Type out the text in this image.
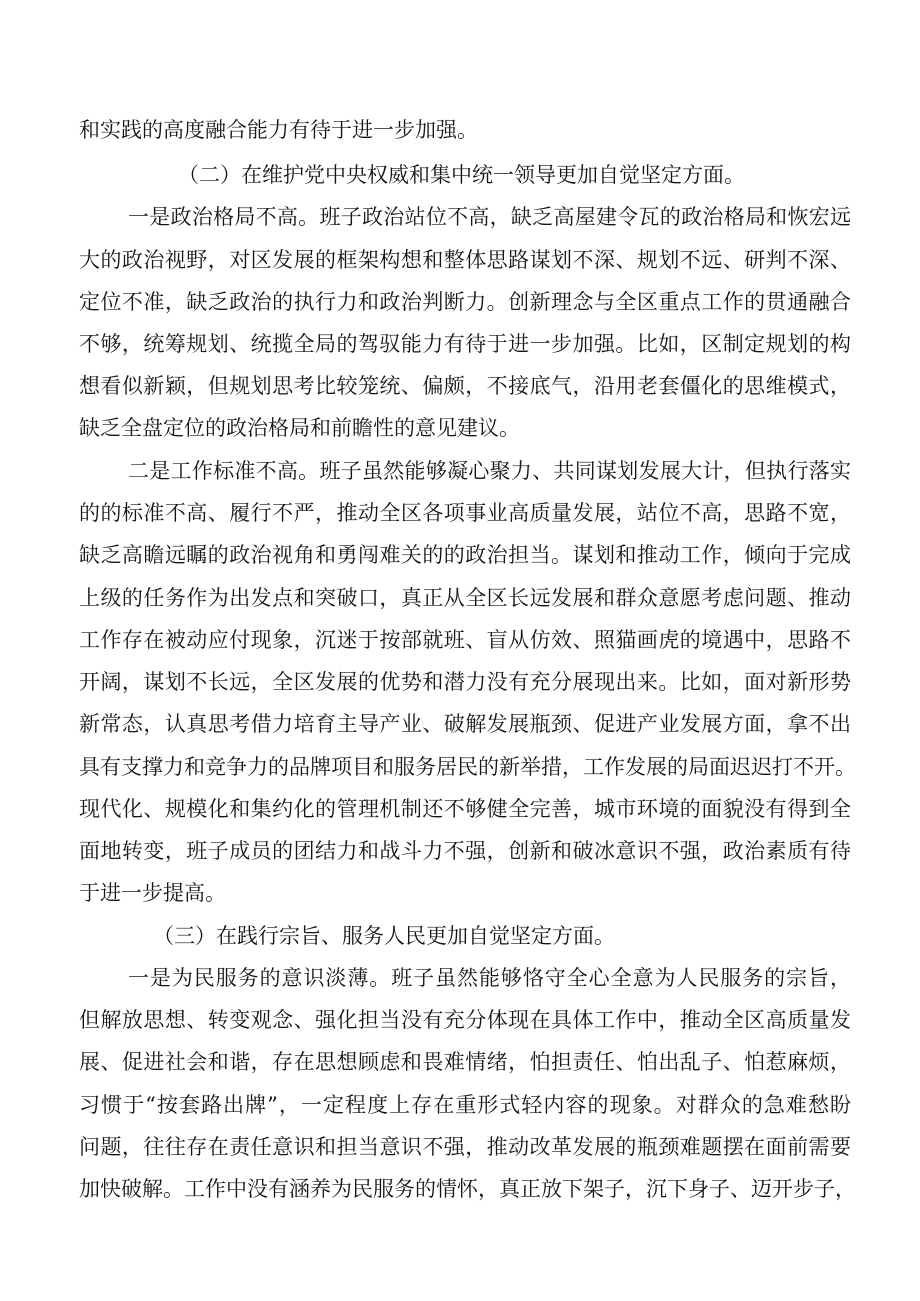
和实践的高度融合能力有待于进一步加强。
（二）在维护党中央权威和集中统一领导更加自觉坚定方面。
一是政治格局不高。班子政治站位不高，缺乏高屋建令瓦的政治格局和恢宏远
大的政治视野，对区发展的框架构想和整体思路谋划不深、规划不远、研判不深、
定位不准，缺乏政治的执行力和政治判断力。创新理念与全区重点工作的贯通融合
不够，统筹规划、统揽全局的驾驭能力有待于进一步加强。比如，区制定规划的构
想看似新颖，但规划思考比较笼统、偏颇，不接底气，沿用老套僵化的思维模式，
缺乏全盘定位的政治格局和前瞻性的意见建议。
二是工作标准不高。班子虽然能够凝心聚力、共同谋划发展大计，但执行落实
的的标准不高、履行不严，推动全区各项事业高质量发展，站位不高，思路不宽，
缺乏高瞻远瞩的政治视角和勇闯难关的的政治担当。谋划和推动工作，倾向于完成
上级的任务作为出发点和突破口，真正从全区长远发展和群众意愿考虑问题、推动
工作存在被动应付现象，沉迷于按部就班、盲从仿效、照猫画虎的境遇中，思路不
开阔，谋划不长远，全区发展的优势和潜力没有充分展现出来。比如，面对新形势
新常态，认真思考借力培育主导产业、破解发展瓶颈、促进产业发展方面，拿不出
具有支撑力和竞争力的品牌项目和服务居民的新举措，工作发展的局面迟迟打不开。
现代化、规模化和集约化的管理机制还不够健全完善，城市环境的面貌没有得到全
面地转变，班子成员的团结力和战斗力不强，创新和破冰意识不强，政治素质有待
于进一步提高。
（三）在践行宗旨、服务人民更加自觉坚定方面。
一是为民服务的意识淡薄。班子虽然能够恪守全心全意为人民服务的宗旨，
但解放思想、转变观念、强化担当没有充分体现在具体工作中，推动全区高质量发
展、促进社会和谐，存在思想顾虑和畏难情绪，怕担责任、怕出乱子、怕惹麻烦，
习惯于“按套路出牌”，一定程度上存在重形式轻内容的现象。对群众的急难愁盼
问题，往往存在责任意识和担当意识不强，推动改革发展的瓶颈难题摆在面前需要
加快破解。工作中没有涵养为民服务的情怀，真正放下架子，沉下身子、迈开步子，
